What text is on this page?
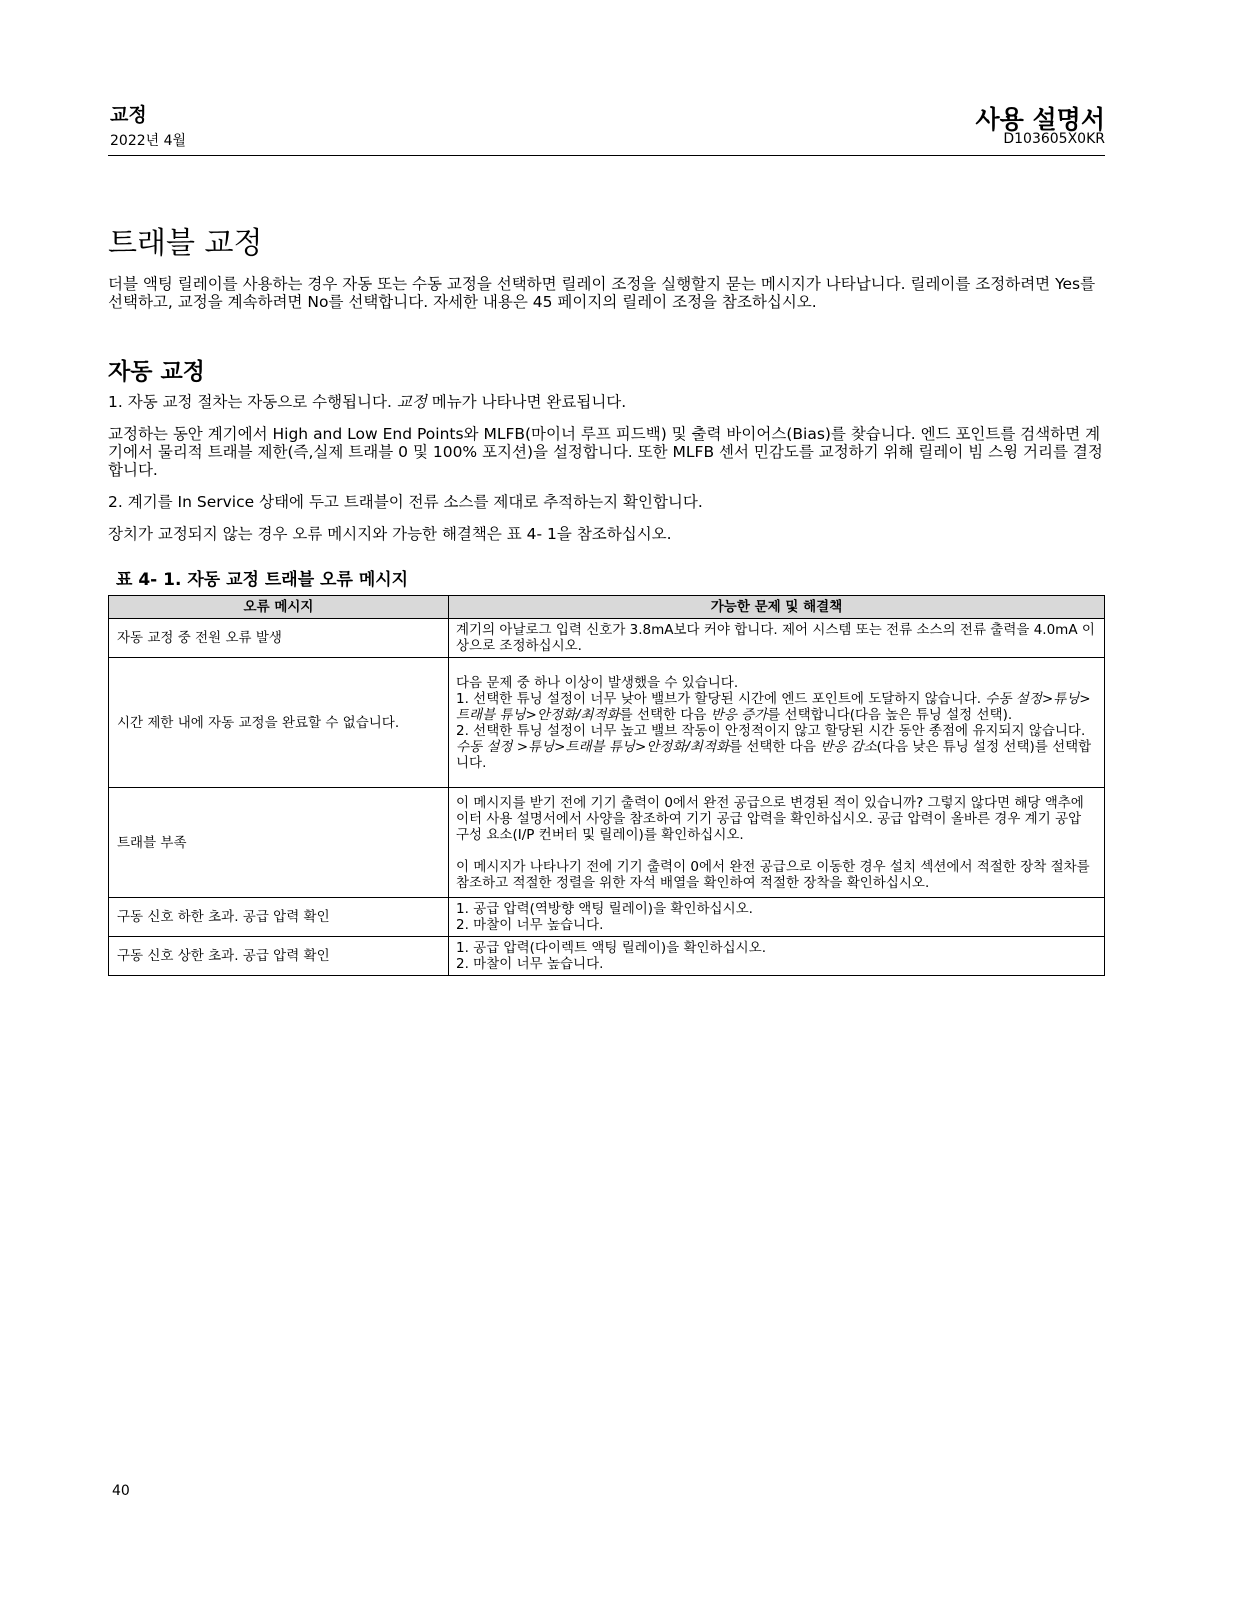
교정
2022년 4월
사용 설명서
D103605X0KR
트래블 교정

더블 액팅 릴레이를 사용하는 경우 자동 또는 수동 교정을 선택하면 릴레이 조정을 실행할지 묻는 메시지가 나타납니다. 릴레이를 조정하려면 Yes를 선택하고, 교정을 계속하려면 No를 선택합니다. 자세한 내용은 45 페이지의 릴레이 조정을 참조하십시오.

자동 교정

1. 자동 교정 절차는 자동으로 수행됩니다. 교정 메뉴가 나타나면 완료됩니다.

교정하는 동안 계기에서 High and Low End Points와 MLFB(마이너 루프 피드백) 및 출력 바이어스(Bias)를 찾습니다. 엔드 포인트를 검색하면 계기에서 물리적 트래블 제한(즉,실제 트래블 0 및 100% 포지션)을 설정합니다. 또한 MLFB 센서 민감도를 교정하기 위해 릴레이 빔 스윙 거리를 결정합니다.

2. 계기를 In Service 상태에 두고 트래블이 전류 소스를 제대로 추적하는지 확인합니다.

장치가 교정되지 않는 경우 오류 메시지와 가능한 해결책은 표 4- 1을 참조하십시오.

표 4- 1. 자동 교정 트래블 오류 메시지
오류 메시지	가능한 문제 및 해결책
자동 교정 중 전원 오류 발생	계기의 아날로그 입력 신호가 3.8mA보다 커야 합니다. 제어 시스템 또는 전류 소스의 전류 출력을 4.0mA 이상으로 조정하십시오.
시간 제한 내에 자동 교정을 완료할 수 없습니다.	다음 문제 중 하나 이상이 발생했을 수 있습니다.
1. 선택한 튜닝 설정이 너무 낮아 밸브가 할당된 시간에 엔드 포인트에 도달하지 않습니다. 수동 설정>튜닝>트래블 튜닝>안정화/최적화를 선택한 다음 반응 증가를 선택합니다(다음 높은 튜닝 설정 선택).
2. 선택한 튜닝 설정이 너무 높고 밸브 작동이 안정적이지 않고 할당된 시간 동안 종점에 유지되지 않습니다. 수동 설정 >튜닝>트래블 튜닝>안정화/최적화를 선택한 다음 반응 감소(다음 낮은 튜닝 설정 선택)를 선택합니다.

트래블 부족	이 메시지를 받기 전에 기기 출력이 0에서 완전 공급으로 변경된 적이 있습니까? 그렇지 않다면 해당 액추에이터 사용 설명서에서 사양을 참조하여 기기 공급 압력을 확인하십시오. 공급 압력이 올바른 경우 계기 공압 구성 요소(I/P 컨버터 및 릴레이)를 확인하십시오.
이 메시지가 나타나기 전에 기기 출력이 0에서 완전 공급으로 이동한 경우 설치 섹션에서 적절한 장착 절차를 참조하고 적절한 정렬을 위한 자석 배열을 확인하여 적절한 장착을 확인하십시오.

구동 신호 하한 초과. 공급 압력 확인	1. 공급 압력(역방향 액팅 릴레이)을 확인하십시오.
2. 마찰이 너무 높습니다.

구동 신호 상한 초과. 공급 압력 확인	1. 공급 압력(다이렉트 액팅 릴레이)을 확인하십시오.
2. 마찰이 너무 높습니다.
40
